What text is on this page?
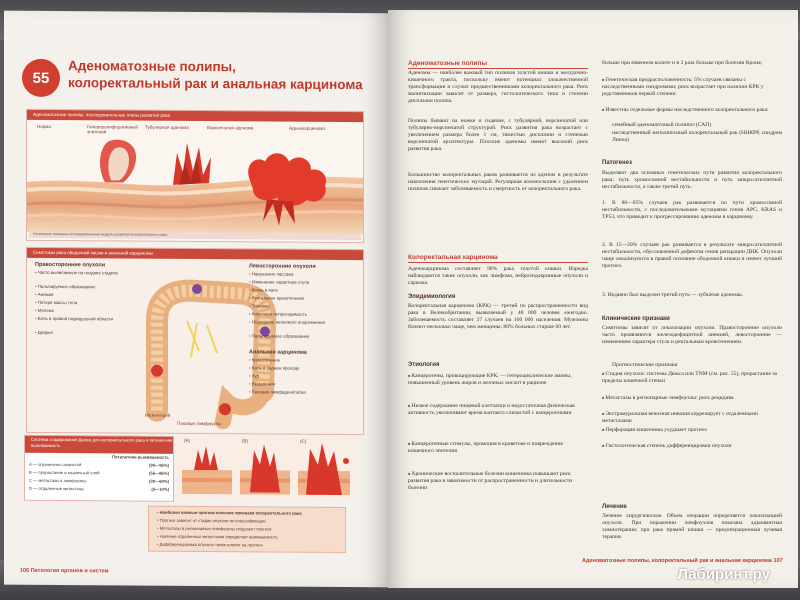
55
Аденоматозные полипы,
колоректальный рак и анальная карцинома
Аденоматозные полипы: последовательные этапы развития рака
Норма	Гиперпролиферативный эпителий
Тубулярная аденома	Ворсинчатая аденома	Аденокарцинома
На рисунке показана последовательная модель развития колоректального рака
Симптомы рака ободочной кишки и анальной карциномы
Правосторонние опухоли
• Часто выявляемые на поздних стадиях
• Пальпируемое образование
• Анемия
• Потеря массы тела
• Мелена
• Боль в правой подвздошной области
• Диарея
Левосторонние опухоли
• Нарушение пассажа
• Изменение характера стула
• Кровь в кале
• Ректальное кровотечение
• Тенезмы
• Кишечная непроходимость
• Ощущение неполного опорожнения
• Пальпируемое образование
Анальная карцинома
• Кровотечение
• Боль в заднем проходе
• Зуд
• Выделения
• Паховая лимфаденопатия
Мезентерий
Паховые лимфоузлы
Система стадирования Дюкса для колоректального рака и пятилетняя выживаемость
Пятилетняя выживаемость
A — ограничена слизистой	(90—95%)
B — прорастание в мышечный слой	(55—85%)
C — метастазы в лимфоузлы	(30—60%)
D — отдаленные метастазы	(5—10%)
(A)	(B)	(C)
• Наиболее важные прогностические признаки колоректального рака
• Прогноз зависит от стадии опухоли по классификации
• Метастазы в регионарные лимфоузлы ухудшают прогноз
• Наличие отдаленных метастазов определяет выживаемость
• Дифференцировка опухоли также влияет на прогноз
106 Патология органов и систем
Аденоматозные полипы
Аденомы — наиболее важный тип полипов толстой кишки и желудочно-кишечного тракта, поскольку имеют потенциал злокачественной трансформации и служат предшественниками колоректального рака. Риск малигнизации зависит от размера, гистологического типа и степени дисплазии полипа.
Полипы бывают на ножке и сидячие, с тубулярной, ворсинчатой или тубулярно-ворсинчатой структурой. Риск развития рака возрастает с увеличением размера более 1 см, тяжестью дисплазии и степенью ворсинчатой архитектуры. Плоские аденомы имеют высокий риск развития рака.
Большинство колоректальных раков развивается из аденом в результате накопления генетических мутаций. Регулярная колоноскопия с удалением полипов снижает заболеваемость и смертность от колоректального рака.
Колоректальная карцинома
Аденокарцинома составляет 98% рака толстой кишки. Изредка наблюдаются такие опухоли, как лимфома, нейроэндокринные опухоли и саркома.
Эпидемиология
Колоректальная карцинома (КРК) — третий по распространенности вид рака в Великобритании, выявляемый у 40 000 человек ежегодно. Заболеваемость составляет 37 случаев на 100 000 населения. Мужчины болеют несколько чаще, чем женщины; 80% больных старше 60 лет.
Этиология
■ Канцерогены, провоцирующие КРК, — гетероциклические амины, повышенный уровень жиров и желчных кислот в рационе
■ Низкое содержание пищевой клетчатки и недостаточная физическая активность увеличивают время контакта слизистой с канцерогенами
■ Канцерогенные стимулы, промоция в кроветоке и повреждение кишечного эпителия
■ Хронические воспалительные болезни кишечника повышают риск развития рака в зависимости от распространенности и длительности болезни
больше при язвенном колите и в 3 раза больше при болезни Крона;
■ Генетическая предрасположенность: 5% случаев связаны с наследственными синдромами; риск возрастает при наличии КРК у родственников первой степени.
■ Известны отдельные формы наследственного колоректального рака:
семейный аденоматозный полипоз (САП)
наследственный неполипозный колоректальный рак (ННКРР, синдром Линча)
Патогенез
Выделяют два основных генетических пути развития колоректального рака: путь хромосомной нестабильности и путь микросателлитной нестабильности, а также третий путь.
1. В 80—85% случаев рак развивается по пути хромосомной нестабильности, с последовательными мутациями генов APC, KRAS и TP53, что приводит к прогрессированию аденомы в карциному.
2. В 15—20% случаев рак развивается в результате микросателлитной нестабильности, обусловленной дефектом генов репарации ДНК. Опухоли чаще локализуются в правой половине ободочной кишки и имеют лучший прогноз.
3. Недавно был выделен третий путь — зубчатые аденомы.
Клинические признаки
Симптомы зависят от локализации опухоли. Правосторонние опухоли часто проявляются железодефицитной анемией, левосторонние — изменением характера стула и ректальным кровотечением.
Прогностические признаки
■ Стадия опухоли: системы Дюкса или TNM (см. рис. 55), прорастание за пределы кишечной стенки
■ Метастазы в регионарные лимфоузлы: риск рецидива
■ Экстрамуральная венозная инвазия коррелирует с отдаленными метастазами
■ Перфорация кишечника ухудшает прогноз
■ Гистологическая степень дифференцировки опухоли
Лечение
Лечение хирургическое. Объем операции определяется локализацией опухоли. При поражении лимфоузлов показана адъювантная химиотерапия; при раке прямой кишки — предоперационная лучевая терапия.
Аденоматозные полипы, колоректальный рак и анальная карцинома 107
Лабиринт.ру
